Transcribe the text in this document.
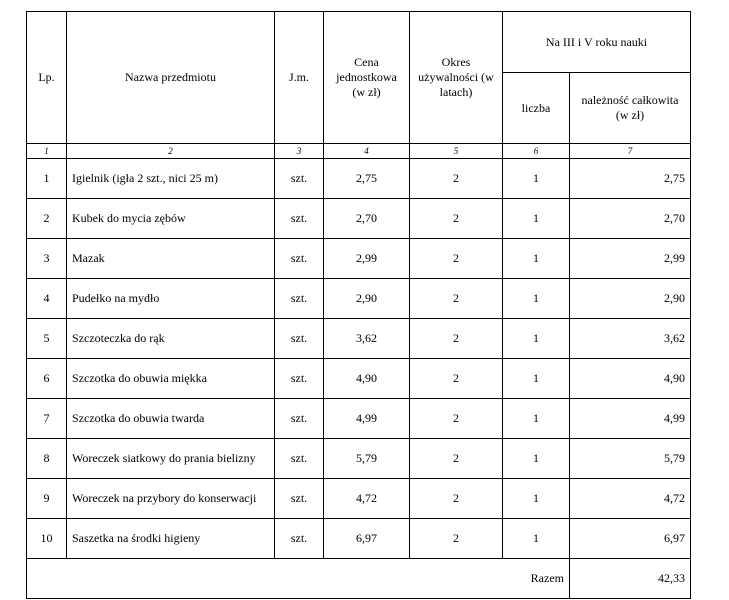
Lp.	Nazwa przedmiotu	J.m.	Cena jednostkowa (w zł)	Okres używalności (w latach)	Na III i V roku nauki	
					liczba	należność całkowita (w zł)
1	2	3	4	5	6	7
1	Igielnik (igła 2 szt., nici 25 m)	szt.	2,75	2	1	2,75
2	Kubek do mycia zębów	szt.	2,70	2	1	2,70
3	Mazak	szt.	2,99	2	1	2,99
4	Pudełko na mydło	szt.	2,90	2	1	2,90
5	Szczoteczka do rąk	szt.	3,62	2	1	3,62
6	Szczotka do obuwia miękka	szt.	4,90	2	1	4,90
7	Szczotka do obuwia twarda	szt.	4,99	2	1	4,99
8	Woreczek siatkowy do prania bielizny	szt.	5,79	2	1	5,79
9	Woreczek na przybory do konserwacji	szt.	4,72	2	1	4,72
10	Saszetka na środki higieny	szt.	6,97	2	1	6,97
Razem						42,33
